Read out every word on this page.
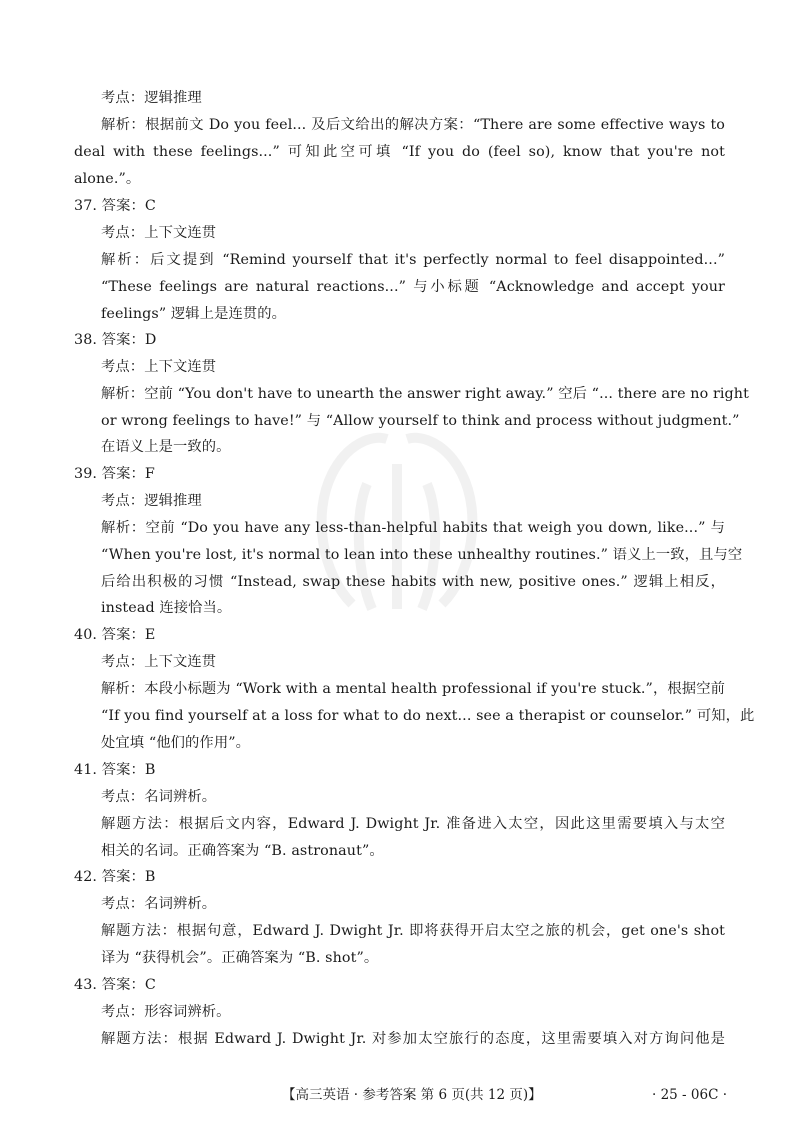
考点：逻辑推理
解析：根据前文 Do you feel... 及后文给出的解决方案：“There are some effective ways to
deal with these feelings...” 可知此空可填 “If you do (feel so), know that you're not
alone.”。
37. 答案：C
考点：上下文连贯
解析：后文提到 “Remind yourself that it's perfectly normal to feel disappointed...”
“These feelings are natural reactions...” 与小标题 “Acknowledge and accept your
feelings” 逻辑上是连贯的。
38. 答案：D
考点：上下文连贯
解析：空前 “You don't have to unearth the answer right away.” 空后 “... there are no right
or wrong feelings to have!” 与 “Allow yourself to think and process without judgment.”
在语义上是一致的。
39. 答案：F
考点：逻辑推理
解析：空前 “Do you have any less-than-helpful habits that weigh you down, like...” 与
“When you're lost, it's normal to lean into these unhealthy routines.” 语义上一致，且与空
后给出积极的习惯 “Instead, swap these habits with new, positive ones.” 逻辑上相反，
instead 连接恰当。
40. 答案：E
考点：上下文连贯
解析：本段小标题为 “Work with a mental health professional if you're stuck.”，根据空前
“If you find yourself at a loss for what to do next... see a therapist or counselor.” 可知，此
处宜填 “他们的作用”。
41. 答案：B
考点：名词辨析。
解题方法：根据后文内容，Edward J. Dwight Jr. 准备进入太空，因此这里需要填入与太空
相关的名词。正确答案为 “B. astronaut”。
42. 答案：B
考点：名词辨析。
解题方法：根据句意，Edward J. Dwight Jr. 即将获得开启太空之旅的机会，get one's shot
译为 “获得机会”。正确答案为 “B. shot”。
43. 答案：C
考点：形容词辨析。
解题方法：根据 Edward J. Dwight Jr. 对参加太空旅行的态度，这里需要填入对方询问他是
【高三英语 · 参考答案 第 6 页(共 12 页)】	· 25 - 06C ·
